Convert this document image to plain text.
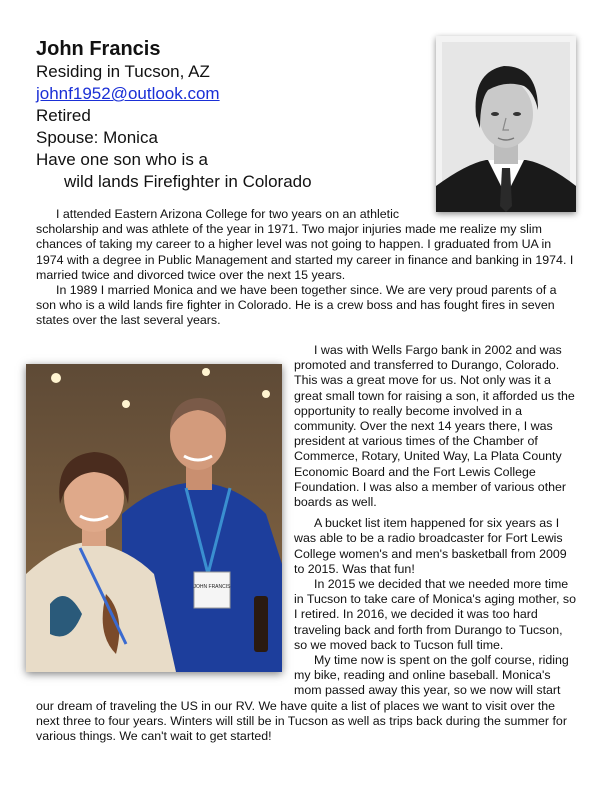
John Francis

Residing in Tucson, AZ

johnf1952@outlook.com

Retired

Spouse: Monica

Have one son who is a

wild lands Firefighter in Colorado

I attended Eastern Arizona College for two years on an athletic scholarship and was athlete of the year in 1971. Two major injuries made me realize my slim chances of taking my career to a higher level was not going to happen. I graduated from UA in 1974 with a degree in Public Management and started my career in finance and banking in 1974. I married twice and divorced twice over the next 15 years.

In 1989 I married Monica and we have been together since. We are very proud parents of a son who is a wild lands fire fighter in Colorado. He is a crew boss and has fought fires in seven states over the last several years.

I was with Wells Fargo bank in 2002 and was promoted and transferred to Durango, Colorado. This was a great move for us. Not only was it a great small town for raising a son, it afforded us the opportunity to really become involved in a community. Over the next 14 years there, I was president at various times of the Chamber of Commerce, Rotary, United Way, La Plata County Economic Board and the Fort Lewis College Foundation. I was also a member of various other boards as well.

A bucket list item happened for six years as I was able to be a radio broadcaster for Fort Lewis College women's and men's basketball from 2009 to 2015. Was that fun!

In 2015 we decided that we needed more time in Tucson to take care of Monica's aging mother, so I retired. In 2016, we decided it was too hard traveling back and forth from Durango to Tucson, so we moved back to Tucson full time.

My time now is spent on the golf course, riding my bike, reading and online baseball. Monica's mom passed away this year, so we now will start our dream of traveling the US in our RV. We have quite a list of places we want to visit over the next three to four years. Winters will still be in Tucson as well as trips back during the summer for various things. We can't wait to get started!

JOHN FRANCIS
